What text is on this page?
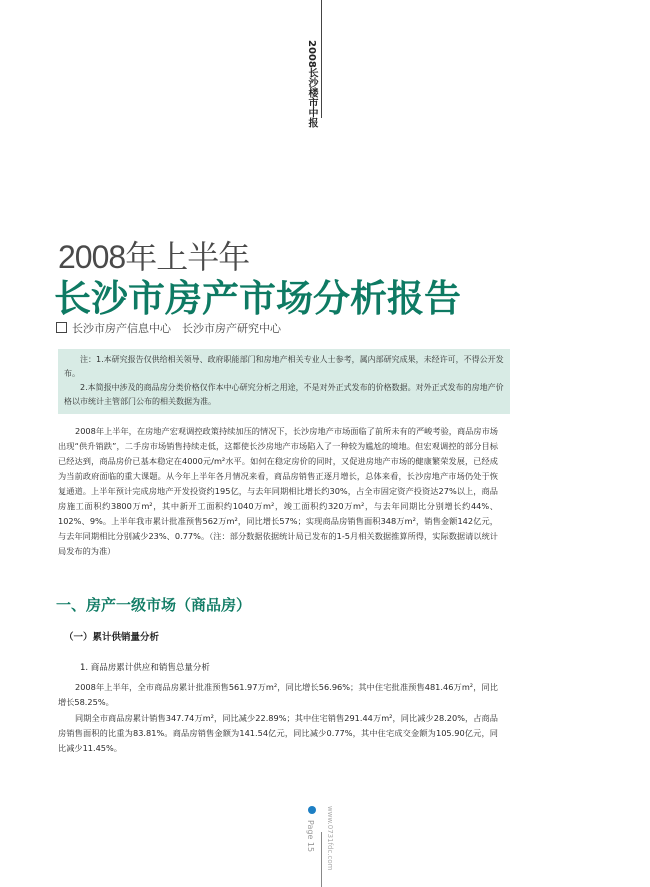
2008长沙楼市中报
2008年上半年
长沙市房产市场分析报告
长沙市房产信息中心　长沙市房产研究中心

注：1.本研究报告仅供给相关领导、政府职能部门和房地产相关专业人士参考，属内部研究成果，未经许可，不得公开发布。

2.本简报中涉及的商品房分类价格仅作本中心研究分析之用途，不是对外正式发布的价格数据。对外正式发布的房地产价格以市统计主管部门公布的相关数据为准。

2008年上半年，在房地产宏观调控政策持续加压的情况下，长沙房地产市场面临了前所未有的严峻考验，商品房市场出现“供升销跌”，二手房市场销售持续走低，这都使长沙房地产市场陷入了一种较为尴尬的境地。但宏观调控的部分目标已经达到，商品房价已基本稳定在4000元/m²水平。如何在稳定房价的同时，又促进房地产市场的健康繁荣发展，已经成为当前政府面临的重大课题。从今年上半年各月情况来看，商品房销售正逐月增长，总体来看，长沙房地产市场仍处于恢复通道。上半年预计完成房地产开发投资约195亿，与去年同期相比增长约30%，占全市固定资产投资达27%以上，商品房施工面积约3800万m²，其中新开工面积约1040万m²，竣工面积约320万m²，与去年同期比分别增长约44%、102%、9%。上半年我市累计批准预售562万m²，同比增长57%；实现商品房销售面积348万m²，销售金额142亿元，与去年同期相比分别减少23%、0.77%。（注：部分数据依据统计局已发布的1-5月相关数据推算所得，实际数据请以统计局发布的为准）

一、房产一级市场（商品房）
（一）累计供销量分析
1. 商品房累计供应和销售总量分析

2008年上半年，全市商品房累计批准预售561.97万m²，同比增长56.96%；其中住宅批准预售481.46万m²，同比增长58.25%。

同期全市商品房累计销售347.74万m²，同比减少22.89%；其中住宅销售291.44万m²，同比减少28.20%，占商品房销售面积的比重为83.81%。商品房销售金额为141.54亿元，同比减少0.77%，其中住宅成交金额为105.90亿元，同比减少11.45%。

Page 15 www.0731fdc.com
